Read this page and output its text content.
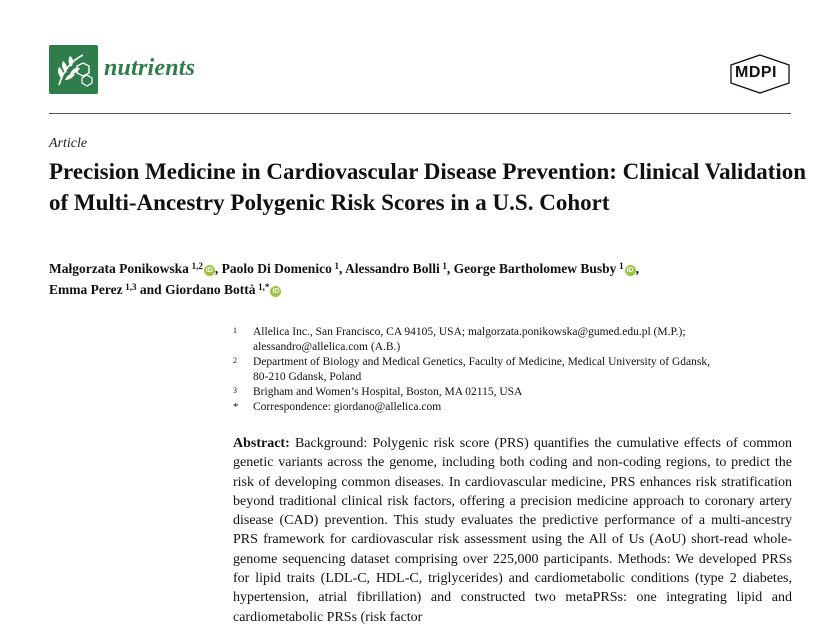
nutrients	MDPI
Article
Precision Medicine in Cardiovascular Disease Prevention: Clinical Validation of Multi-Ancestry Polygenic Risk Scores in a U.S. Cohort
Małgorzata Ponikowska  $^{1,2}$ iD , Paolo Di Domenico  $^1$, Alessandro Bolli  $^1$, George Bartholomew Busby  $^1$ iD ,
Emma Perez  $^{1,3}$ and Giordano Bottà  $^{1,*}$ iD
1 Allelica Inc., San Francisco, CA 94105, USA; malgorzata.ponikowska@gumed.edu.pl (M.P.);
alessandro@allelica.com (A.B.)
2 Department of Biology and Medical Genetics, Faculty of Medicine, Medical University of Gdansk,
80-210 Gdansk, Poland
3 Brigham and Women’s Hospital, Boston, MA 02115, USA
* Correspondence: giordano@allelica.com

Abstract: Background: Polygenic risk score (PRS) quantifies the cumulative effects of common genetic variants across the genome, including both coding and non-coding regions, to predict the risk of developing common diseases. In cardiovascular medicine, PRS enhances risk stratification beyond traditional clinical risk factors, offering a precision medicine approach to coronary artery disease (CAD) prevention. This study evaluates the predictive performance of a multi-ancestry PRS framework for cardiovascular risk assessment using the All of Us (AoU) short-read whole-genome sequencing dataset comprising over 225,000 participants. Methods: We developed PRSs for lipid traits (LDL-C, HDL-C, triglycerides) and cardiometabolic conditions (type 2 diabetes, hypertension, atrial fibrillation) and constructed two metaPRSs: one integrating lipid and cardiometabolic PRSs (risk factor
